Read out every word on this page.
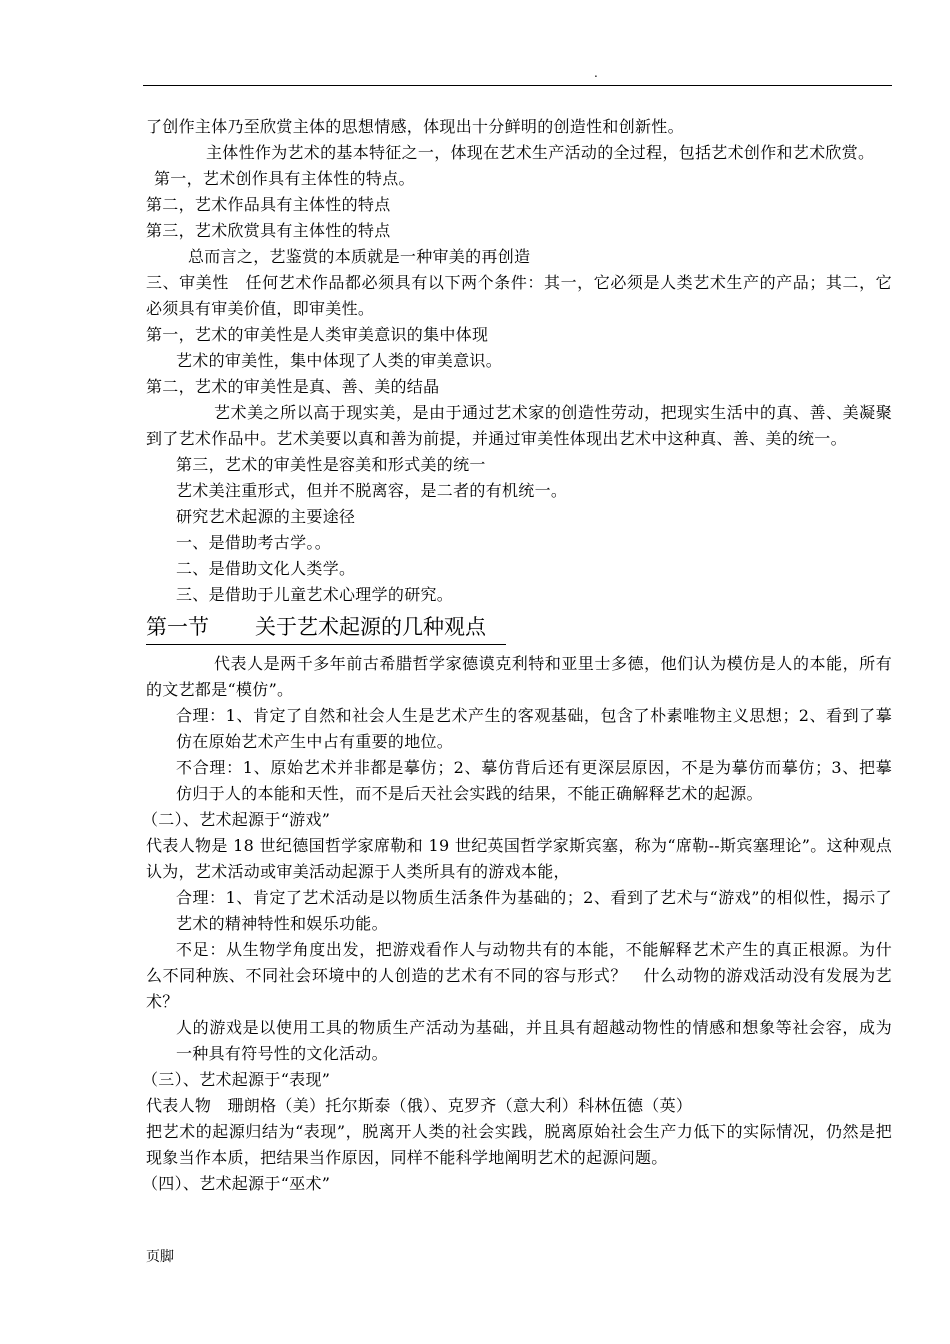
.

了创作主体乃至欣赏主体的思想情感，体现出十分鲜明的创造性和创新性。

主体性作为艺术的基本特征之一，体现在艺术生产活动的全过程，包括艺术创作和艺术欣赏。

第一，艺术创作具有主体性的特点。

第二，艺术作品具有主体性的特点

第三，艺术欣赏具有主体性的特点

总而言之，艺鉴赏的本质就是一种审美的再创造

三、审美性　任何艺术作品都必须具有以下两个条件：其一，它必须是人类艺术生产的产品；其二，它必须具有审美价值，即审美性。

第一，艺术的审美性是人类审美意识的集中体现

艺术的审美性，集中体现了人类的审美意识。

第二，艺术的审美性是真、善、美的结晶

艺术美之所以高于现实美，是由于通过艺术家的创造性劳动，把现实生活中的真、善、美凝聚到了艺术作品中。艺术美要以真和善为前提，并通过审美性体现出艺术中这种真、善、美的统一。

第三，艺术的审美性是容美和形式美的统一

艺术美注重形式，但并不脱离容，是二者的有机统一。

研究艺术起源的主要途径

一、是借助考古学。。

二、是借助文化人类学。

三、是借助于儿童艺术心理学的研究。

第一节 关于艺术起源的几种观点

代表人是两千多年前古希腊哲学家德谟克利特和亚里士多德，他们认为模仿是人的本能，所有的文艺都是“模仿”。

合理：1、肯定了自然和社会人生是艺术产生的客观基础，包含了朴素唯物主义思想；2、看到了摹仿在原始艺术产生中占有重要的地位。

不合理：1、原始艺术并非都是摹仿；2、摹仿背后还有更深层原因，不是为摹仿而摹仿；3、把摹仿归于人的本能和天性，而不是后天社会实践的结果，不能正确解释艺术的起源。

（二）、艺术起源于“游戏”

代表人物是 18 世纪德国哲学家席勒和 19 世纪英国哲学家斯宾塞，称为“席勒--斯宾塞理论”。这种观点认为，艺术活动或审美活动起源于人类所具有的游戏本能，

合理：1、肯定了艺术活动是以物质生活条件为基础的；2、看到了艺术与“游戏”的相似性，揭示了艺术的精神特性和娱乐功能。

不足：从生物学角度出发，把游戏看作人与动物共有的本能，不能解释艺术产生的真正根源。为什么不同种族、不同社会环境中的人创造的艺术有不同的容与形式？　什么动物的游戏活动没有发展为艺术？

人的游戏是以使用工具的物质生产活动为基础，并且具有超越动物性的情感和想象等社会容，成为一种具有符号性的文化活动。

（三）、艺术起源于“表现”

代表人物　珊朗格（美）托尔斯泰（俄）、克罗齐（意大利）科林伍德（英）

把艺术的起源归结为“表现”，脱离开人类的社会实践，脱离原始社会生产力低下的实际情况，仍然是把现象当作本质，把结果当作原因，同样不能科学地阐明艺术的起源问题。

（四）、艺术起源于“巫术”

页脚
